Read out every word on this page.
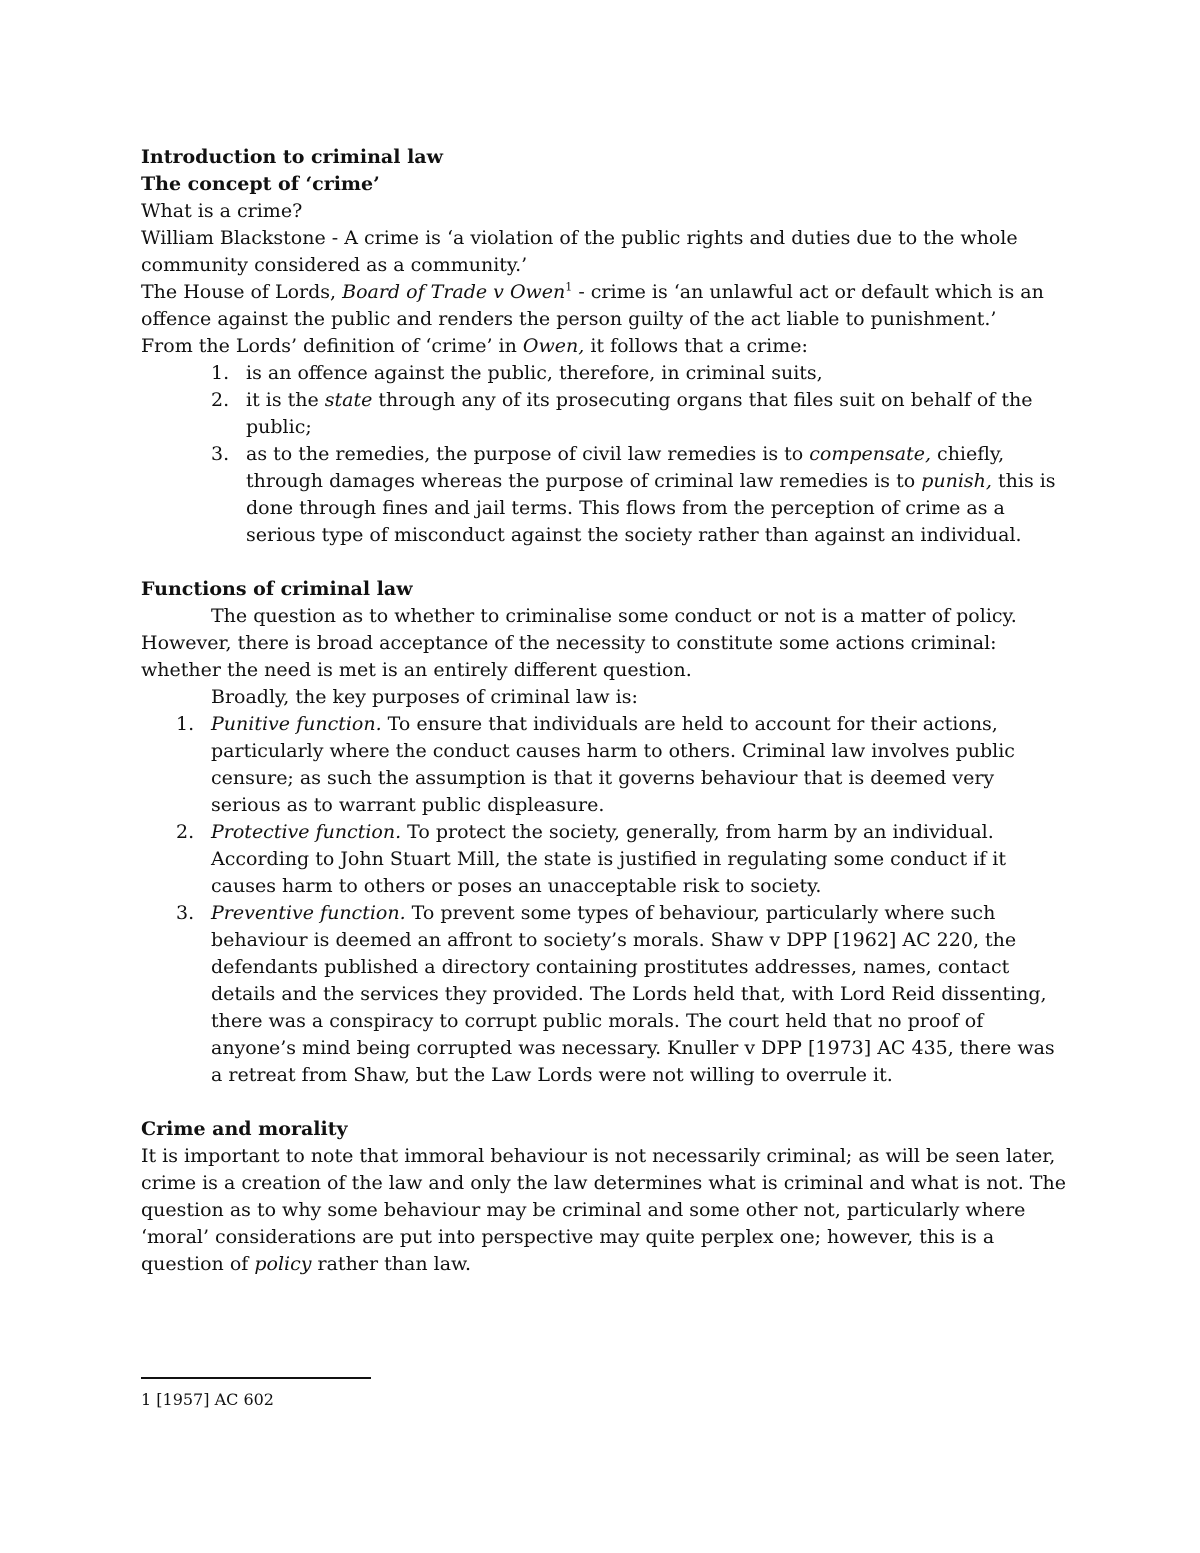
Introduction to criminal law

The concept of ‘crime’

What is a crime?

William Blackstone - A crime is ‘a violation of the public rights and duties due to the whole community considered as a community.’

The House of Lords, Board of Trade v Owen$^1$ - crime is ‘an unlawful act or default which is an offence against the public and renders the person guilty of the act liable to punishment.’

From the Lords’ definition of ‘crime’ in Owen, it follows that a crime:

1. is an offence against the public, therefore, in criminal suits,
2. it is the state through any of its prosecuting organs that files suit on behalf of the public;
3. as to the remedies, the purpose of civil law remedies is to compensate, chiefly, through damages whereas the purpose of criminal law remedies is to punish, this is done through fines and jail terms. This flows from the perception of crime as a serious type of misconduct against the society rather than against an individual.

Functions of criminal law

The question as to whether to criminalise some conduct or not is a matter of policy. However, there is broad acceptance of the necessity to constitute some actions criminal: whether the need is met is an entirely different question.

Broadly, the key purposes of criminal law is:

1. Punitive function. To ensure that individuals are held to account for their actions, particularly where the conduct causes harm to others. Criminal law involves public censure; as such the assumption is that it governs behaviour that is deemed very serious as to warrant public displeasure.
2. Protective function. To protect the society, generally, from harm by an individual. According to John Stuart Mill, the state is justified in regulating some conduct if it causes harm to others or poses an unacceptable risk to society.
3. Preventive function. To prevent some types of behaviour, particularly where such behaviour is deemed an affront to society’s morals. Shaw v DPP [1962] AC 220, the defendants published a directory containing prostitutes addresses, names, contact details and the services they provided. The Lords held that, with Lord Reid dissenting, there was a conspiracy to corrupt public morals. The court held that no proof of anyone’s mind being corrupted was necessary. Knuller v DPP [1973] AC 435, there was a retreat from Shaw, but the Law Lords were not willing to overrule it.

Crime and morality

It is important to note that immoral behaviour is not necessarily criminal; as will be seen later, crime is a creation of the law and only the law determines what is criminal and what is not. The question as to why some behaviour may be criminal and some other not, particularly where ‘moral’ considerations are put into perspective may quite perplex one; however, this is a question of policy rather than law.

1 [1957] AC 602
